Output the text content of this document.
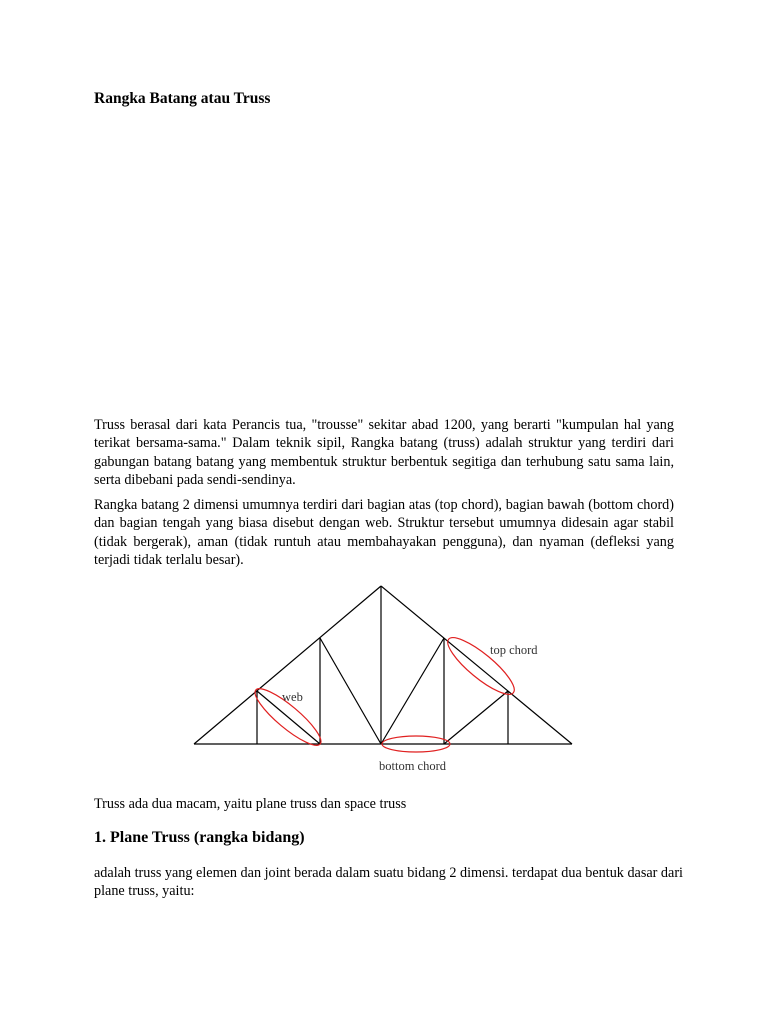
Rangka Batang atau Truss

Truss berasal dari kata Perancis tua, "trousse" sekitar abad 1200, yang berarti "kumpulan hal yang terikat bersama-sama." Dalam teknik sipil, Rangka batang (truss) adalah struktur yang terdiri dari gabungan batang batang yang membentuk struktur berbentuk segitiga dan terhubung satu sama lain, serta dibebani pada sendi-sendinya.

Rangka batang 2 dimensi umumnya terdiri dari bagian atas (top chord), bagian bawah (bottom chord) dan bagian tengah yang biasa disebut dengan web. Struktur tersebut umumnya didesain agar stabil (tidak bergerak), aman (tidak runtuh atau membahayakan pengguna), dan nyaman (defleksi yang terjadi tidak terlalu besar).

web
top chord
bottom chord

Truss ada dua macam, yaitu plane truss dan space truss

1. Plane Truss (rangka bidang)

adalah truss yang elemen dan joint berada dalam suatu bidang 2 dimensi. terdapat dua bentuk dasar dari plane truss, yaitu:
